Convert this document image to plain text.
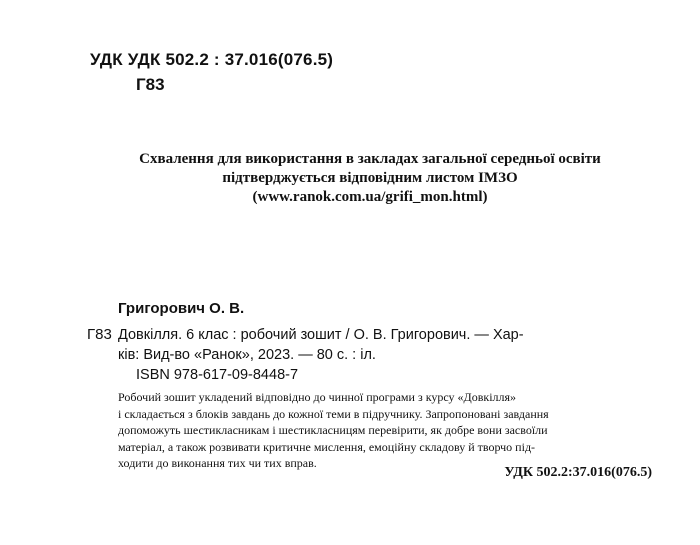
УДК УДК 502.2 : 37.016(076.5)
Г83
Схвалення для використання в закладах загальної середньої освіти
підтверджується відповідним листом ІМЗО
(www.ranok.com.ua/grifi_mon.html)
Григорович О. В.
Г83 Довкілля. 6 клас : робочий зошит / О. В. Григорович. — Хар-
ків: Вид-во «Ранок», 2023. — 80 с. : іл.
ISBN 978-617-09-8448-7
Робочий зошит укладений відповідно до чинної програми з курсу «Довкілля»
і складається з блоків завдань до кожної теми в підручнику. Запропоновані завдання
допоможуть шестикласникам і шестикласницям перевірити, як добре вони засвоїли
матеріал, а також розвивати критичне мислення, емоційну складову й творчо під-
ходити до виконання тих чи тих вправ.
УДК 502.2:37.016(076.5)
